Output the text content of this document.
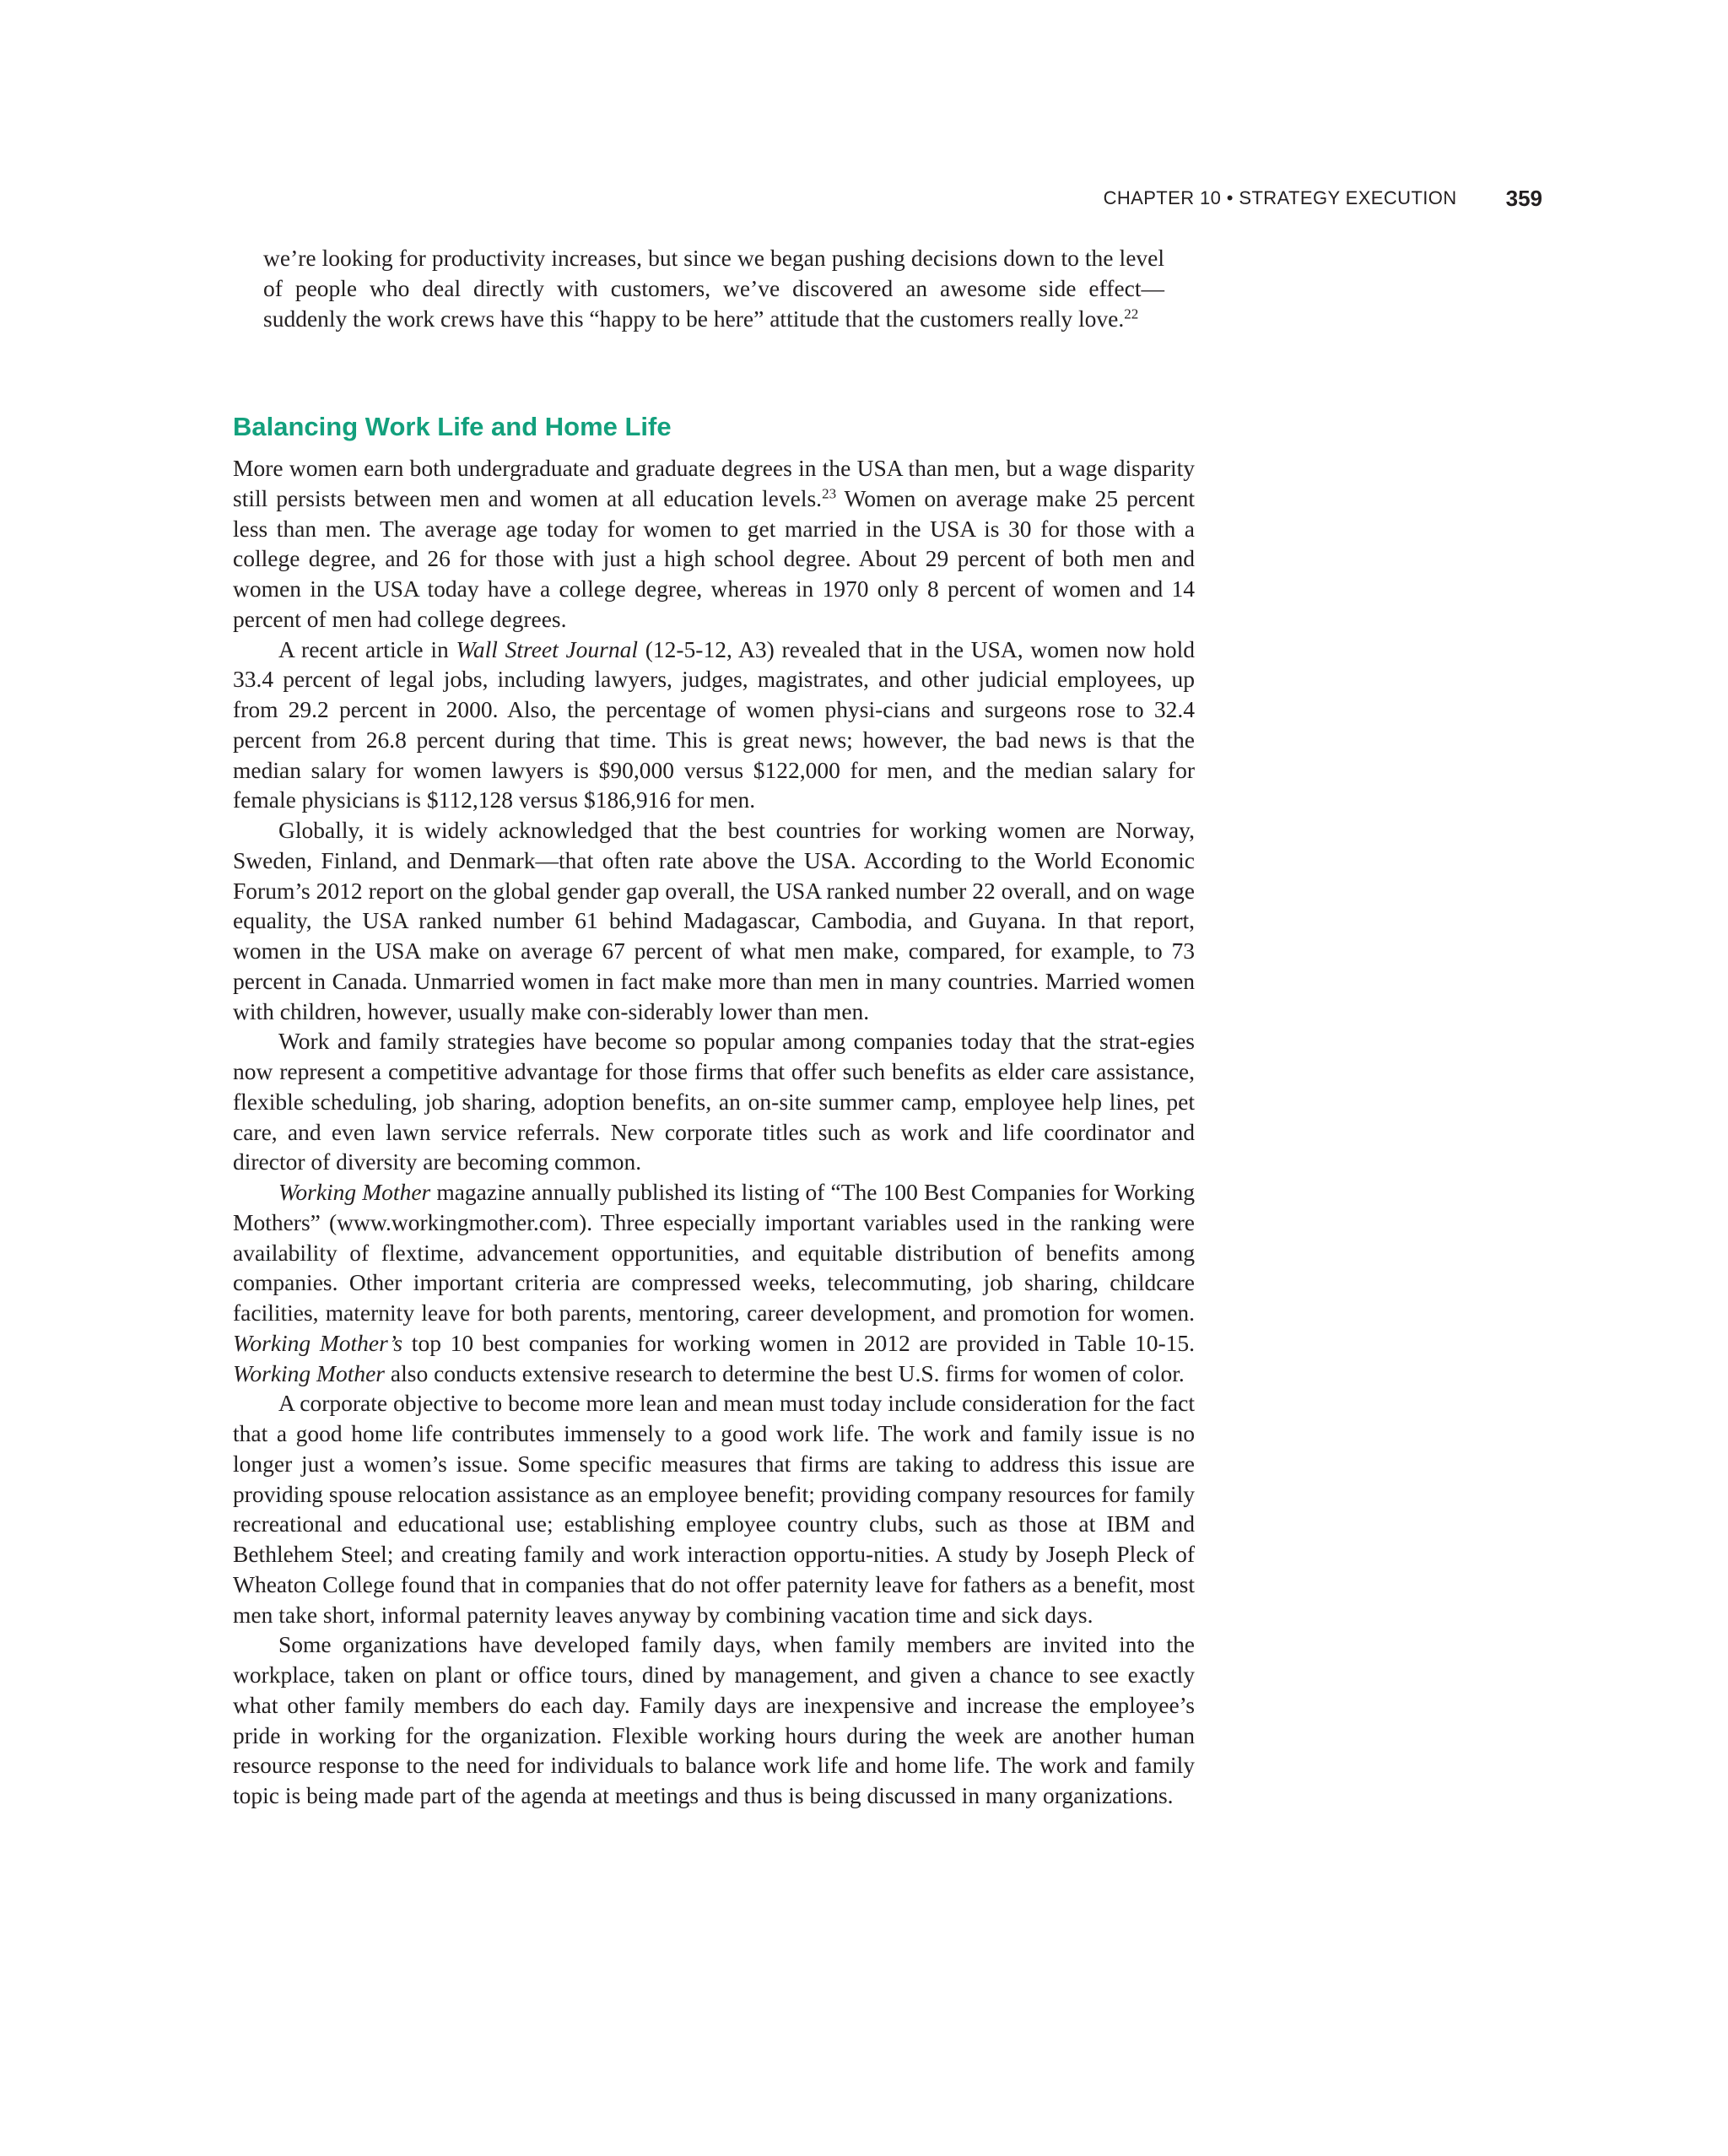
CHAPTER 10 • STRATEGY EXECUTION 359

we’re looking for productivity increases, but since we began pushing decisions down to the level of people who deal directly with customers, we’ve discovered an awesome side effect—suddenly the work crews have this “happy to be here” attitude that the customers really love.$^{22}$

Balancing Work Life and Home Life

More women earn both undergraduate and graduate degrees in the USA than men, but a wage disparity still persists between men and women at all education levels.$^{23}$ Women on average make 25 percent less than men. The average age today for women to get married in the USA is 30 for those with a college degree, and 26 for those with just a high school degree. About 29 percent of both men and women in the USA today have a college degree, whereas in 1970 only 8 percent of women and 14 percent of men had college degrees.

A recent article in Wall Street Journal (12-5-12, A3) revealed that in the USA, women now hold 33.4 percent of legal jobs, including lawyers, judges, magistrates, and other judicial employees, up from 29.2 percent in 2000. Also, the percentage of women physi-cians and surgeons rose to 32.4 percent from 26.8 percent during that time. This is great news; however, the bad news is that the median salary for women lawyers is $90,000 versus $122,000 for men, and the median salary for female physicians is $112,128 versus $186,916 for men.

Globally, it is widely acknowledged that the best countries for working women are Norway, Sweden, Finland, and Denmark—that often rate above the USA. According to the World Economic Forum’s 2012 report on the global gender gap overall, the USA ranked number 22 overall, and on wage equality, the USA ranked number 61 behind Madagascar, Cambodia, and Guyana. In that report, women in the USA make on average 67 percent of what men make, compared, for example, to 73 percent in Canada. Unmarried women in fact make more than men in many countries. Married women with children, however, usually make con-siderably lower than men.

Work and family strategies have become so popular among companies today that the strat-egies now represent a competitive advantage for those firms that offer such benefits as elder care assistance, flexible scheduling, job sharing, adoption benefits, an on-site summer camp, employee help lines, pet care, and even lawn service referrals. New corporate titles such as work and life coordinator and director of diversity are becoming common.

Working Mother magazine annually published its listing of “The 100 Best Companies for Working Mothers” (www.workingmother.com). Three especially important variables used in the ranking were availability of flextime, advancement opportunities, and equitable distribution of benefits among companies. Other important criteria are compressed weeks, telecommuting, job sharing, childcare facilities, maternity leave for both parents, mentoring, career development, and promotion for women. Working Mother’s top 10 best companies for working women in 2012 are provided in Table 10-15. Working Mother also conducts extensive research to determine the best U.S. firms for women of color.

A corporate objective to become more lean and mean must today include consideration for the fact that a good home life contributes immensely to a good work life. The work and family issue is no longer just a women’s issue. Some specific measures that firms are taking to address this issue are providing spouse relocation assistance as an employee benefit; providing company resources for family recreational and educational use; establishing employee country clubs, such as those at IBM and Bethlehem Steel; and creating family and work interaction opportu-nities. A study by Joseph Pleck of Wheaton College found that in companies that do not offer paternity leave for fathers as a benefit, most men take short, informal paternity leaves anyway by combining vacation time and sick days.

Some organizations have developed family days, when family members are invited into the workplace, taken on plant or office tours, dined by management, and given a chance to see exactly what other family members do each day. Family days are inexpensive and increase the employee’s pride in working for the organization. Flexible working hours during the week are another human resource response to the need for individuals to balance work life and home life. The work and family topic is being made part of the agenda at meetings and thus is being discussed in many organizations.
